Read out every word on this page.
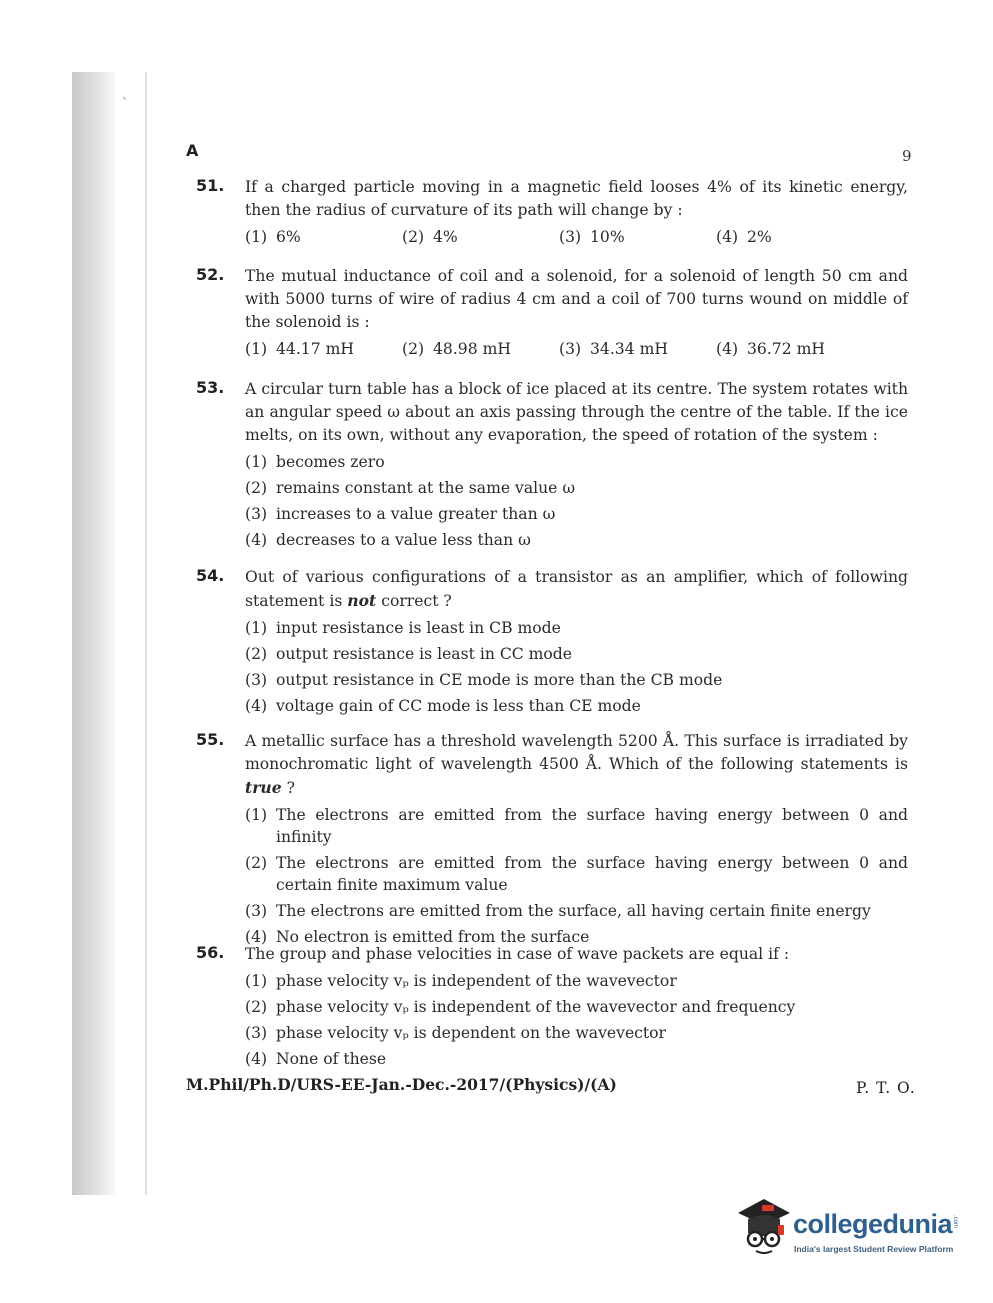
ˋ
A	9
51.	If a charged particle moving in a magnetic field looses 4% of its kinetic energy, then the radius of curvature of its path will change by :
(1) 6%	(2) 4%	(3) 10%	(4) 2%
52.	The mutual inductance of coil and a solenoid, for a solenoid of length 50 cm and with 5000 turns of wire of radius 4 cm and a coil of 700 turns wound on middle of the solenoid is :
(1) 44.17 mH	(2) 48.98 mH	(3) 34.34 mH	(4) 36.72 mH
53.	A circular turn table has a block of ice placed at its centre. The system rotates with an angular speed ω about an axis passing through the centre of the table. If the ice melts, on its own, without any evaporation, the speed of rotation of the system :
(1) becomes zero
(2) remains constant at the same value ω
(3) increases to a value greater than ω
(4) decreases to a value less than ω
54.	Out of various configurations of a transistor as an amplifier, which of following statement is not correct ?
(1) input resistance is least in CB mode
(2) output resistance is least in CC mode
(3) output resistance in CE mode is more than the CB mode
(4) voltage gain of CC mode is less than CE mode
55.	A metallic surface has a threshold wavelength 5200 Å. This surface is irradiated by monochromatic light of wavelength 4500 Å. Which of the following statements is true ?
(1) The electrons are emitted from the surface having energy between 0 and infinity
(2) The electrons are emitted from the surface having energy between 0 and certain finite maximum value
(3) The electrons are emitted from the surface, all having certain finite energy
(4) No electron is emitted from the surface
56.	The group and phase velocities in case of wave packets are equal if :
(1) phase velocity vₚ is independent of the wavevector
(2) phase velocity vₚ is independent of the wavevector and frequency
(3) phase velocity vₚ is dependent on the wavevector
(4) None of these
M.Phil/Ph.D/URS-EE-Jan.-Dec.-2017/(Physics)/(A)	P. T. O.
collegedunia .com
India's largest Student Review Platform
